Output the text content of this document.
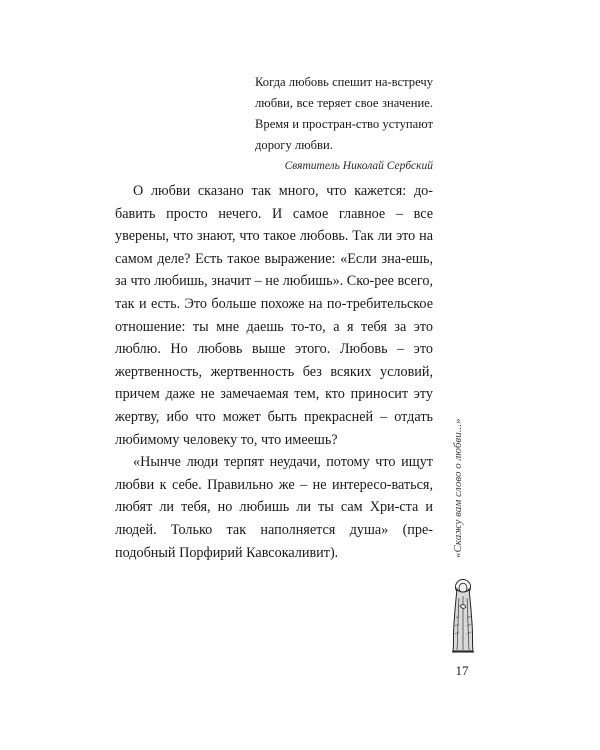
Когда любовь спешит на-встречу любви, все теряет свое значение. Время и простран-ство уступают дорогу любви.

Святитель Николай Сербский

О любви сказано так много, что кажется: до-бавить просто нечего. И самое главное – все уверены, что знают, что такое любовь. Так ли это на самом деле? Есть такое выражение: «Если зна-ешь, за что любишь, значит – не любишь». Ско-рее всего, так и есть. Это больше похоже на по-требительское отношение: ты мне даешь то-то, а я тебя за это люблю. Но любовь выше этого. Любовь – это жертвенность, жертвенность без всяких условий, причем даже не замечаемая тем, кто приносит эту жертву, ибо что может быть прекрасней – отдать любимому человеку то, что имеешь?

«Нынче люди терпят неудачи, потому что ищут любви к себе. Правильно же – не интересо-ваться, любят ли тебя, но любишь ли ты сам Хри-ста и людей. Только так наполняется душа» (пре-подобный Порфирий Кавсокаливит).	«Скажу вам слово о любви...»
17
